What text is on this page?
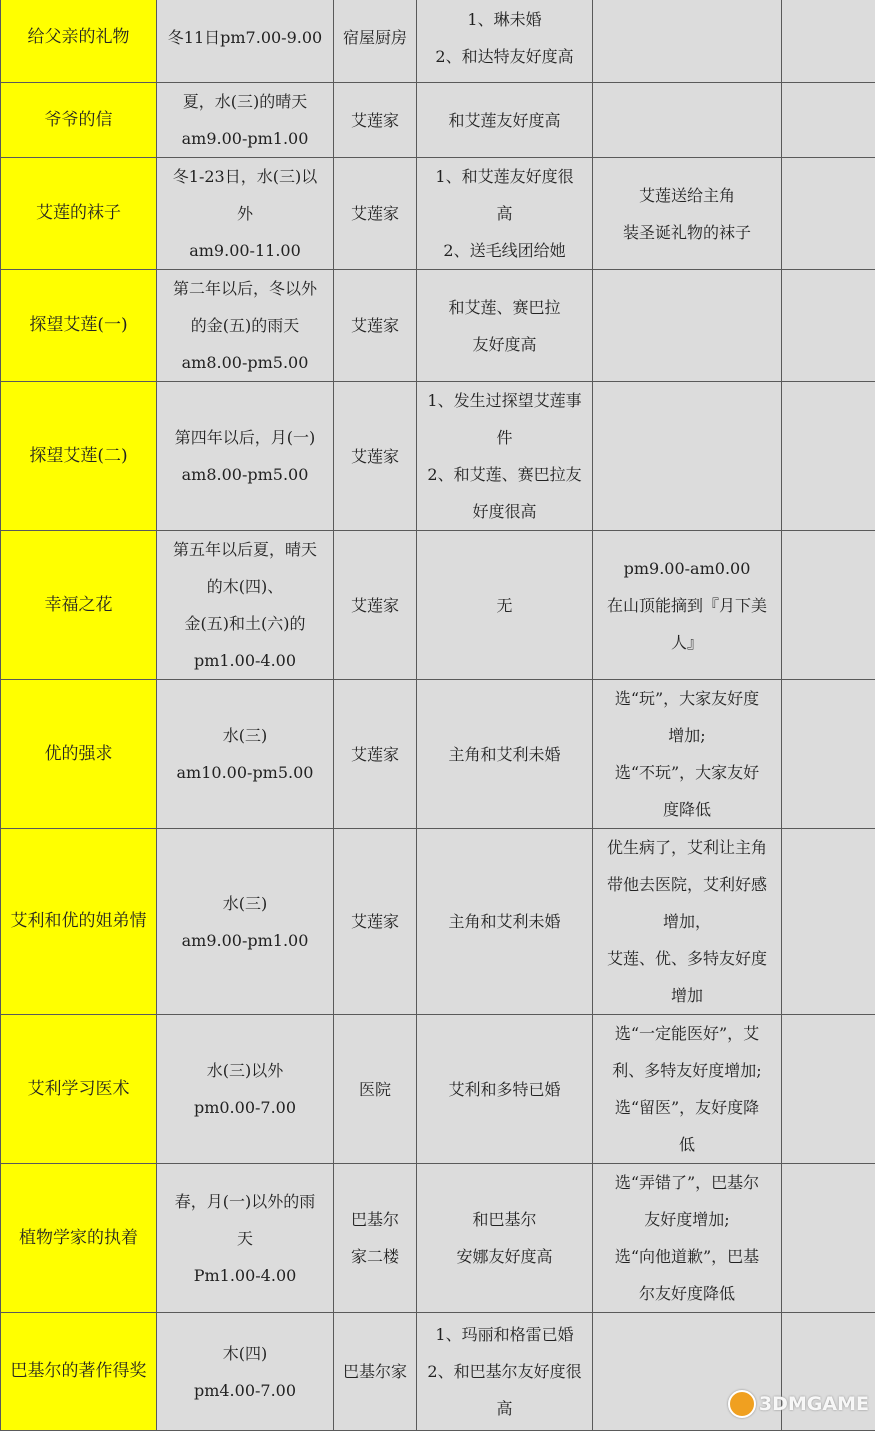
给父亲的礼物	冬11日pm7.00-9.00	宿屋厨房	1、琳未婚
2、和达特友好度高		

爷爷的信	夏，水(三)的晴天
am9.00-pm1.00	艾莲家	和艾莲友好度高		

艾莲的袜子	冬1-23日，水(三)以
外
am9.00-11.00	艾莲家	1、和艾莲友好度很
高
2、送毛线团给她	艾莲送给主角
装圣诞礼物的袜子	

探望艾莲(一)	第二年以后，冬以外
的金(五)的雨天
am8.00-pm5.00	艾莲家	和艾莲、赛巴拉
友好度高		

探望艾莲(二)	第四年以后，月(一)
am8.00-pm5.00	艾莲家	1、发生过探望艾莲事
件
2、和艾莲、赛巴拉友
好度很高		

幸福之花	第五年以后夏，晴天
的木(四)、
金(五)和土(六)的
pm1.00-4.00	艾莲家	无	pm9.00-am0.00
在山顶能摘到『月下美
人』	

优的强求	水(三)
am10.00-pm5.00	艾莲家	主角和艾利未婚	选“玩”，大家友好度
增加;
选“不玩”，大家友好
度降低	

艾利和优的姐弟情	水(三)
am9.00-pm1.00	艾莲家	主角和艾利未婚	优生病了，艾利让主角
带他去医院，艾利好感
增加，
艾莲、优、多特友好度
增加	

艾利学习医术	水(三)以外
pm0.00-7.00	医院	艾利和多特已婚	选“一定能医好”，艾
利、多特友好度增加;
选“留医”，友好度降
低	

植物学家的执着	春，月(一)以外的雨
天
Pm1.00-4.00	巴基尔
家二楼	和巴基尔
安娜友好度高	选“弄错了”，巴基尔
友好度增加;
选“向他道歉”，巴基
尔友好度降低	

巴基尔的著作得奖	木(四)
pm4.00-7.00	巴基尔家	1、玛丽和格雷已婚
2、和巴基尔友好度很
高		
			3DMGAME
